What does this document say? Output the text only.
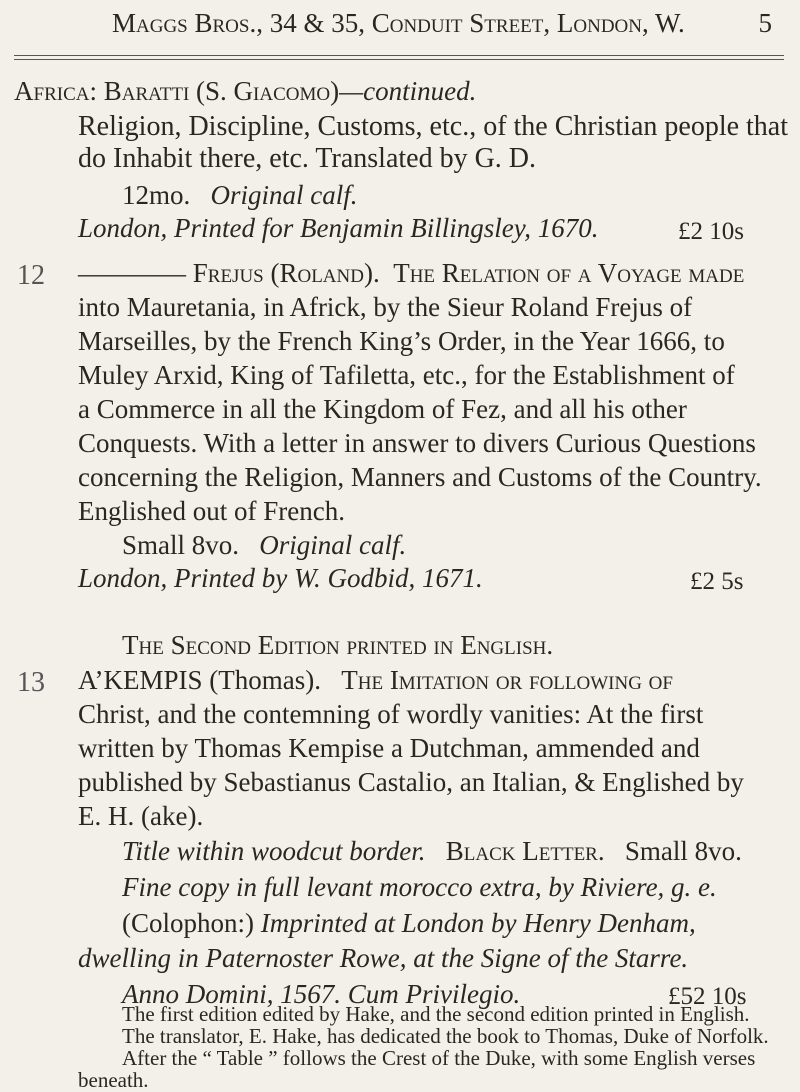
Maggs Bros., 34 & 35, Conduit Street, London, W.	5
Africa: Baratti (S. Giacomo)—continued.
Religion, Discipline, Customs, etc., of the Christian people that
do Inhabit there, etc. Translated by G. D.
12mo. Original calf.
London, Printed for Benjamin Billingsley, 1670.	£2 10s
12 ———— Frejus (Roland). The Relation of a Voyage made
into Mauretania, in Africk, by the Sieur Roland Frejus of
Marseilles, by the French King’s Order, in the Year 1666, to
Muley Arxid, King of Tafiletta, etc., for the Establishment of
a Commerce in all the Kingdom of Fez, and all his other
Conquests. With a letter in answer to divers Curious Questions
concerning the Religion, Manners and Customs of the Country.
Englished out of French.
Small 8vo. Original calf.
London, Printed by W. Godbid, 1671.	£2 5s
The Second Edition printed in English.
13 A’KEMPIS (Thomas). The Imitation or following of
Christ, and the contemning of wordly vanities: At the first
written by Thomas Kempise a Dutchman, ammended and
published by Sebastianus Castalio, an Italian, & Englished by
E. H. (ake).
Title within woodcut border. Black Letter. Small 8vo.
Fine copy in full levant morocco extra, by Riviere, g. e.
(Colophon:) Imprinted at London by Henry Denham,
dwelling in Paternoster Rowe, at the Signe of the Starre.
Anno Domini, 1567. Cum Privilegio.	£52 10s
The first edition edited by Hake, and the second edition printed in English.
The translator, E. Hake, has dedicated the book to Thomas, Duke of Norfolk.
After the “ Table ” follows the Crest of the Duke, with some English verses
beneath.
